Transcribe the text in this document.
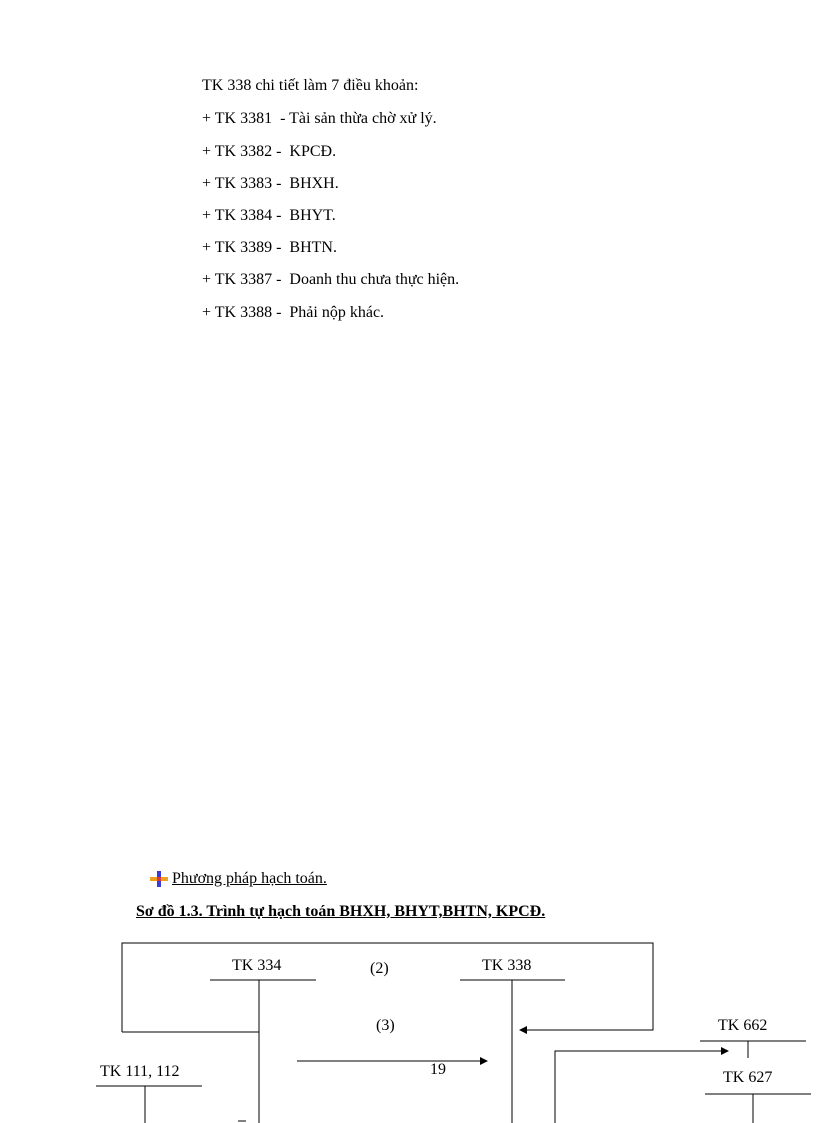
TK 338 chi tiết làm 7 điều khoản:
+ TK 3381  - Tài sản thừa chờ xử lý.
+ TK 3382 -  KPCĐ.
+ TK 3383 -  BHXH.
+ TK 3384 -  BHYT.
+ TK 3389 -  BHTN.
+ TK 3387 -  Doanh thu chưa thực hiện.
+ TK 3388 -  Phải nộp khác.
Phương pháp hạch toán.
Sơ đồ 1.3. Trình tự hạch toán BHXH, BHYT,BHTN, KPCĐ.
TK 334	TK 338
(2)
(3)
TK 111, 112
TK 662
TK 627
19
